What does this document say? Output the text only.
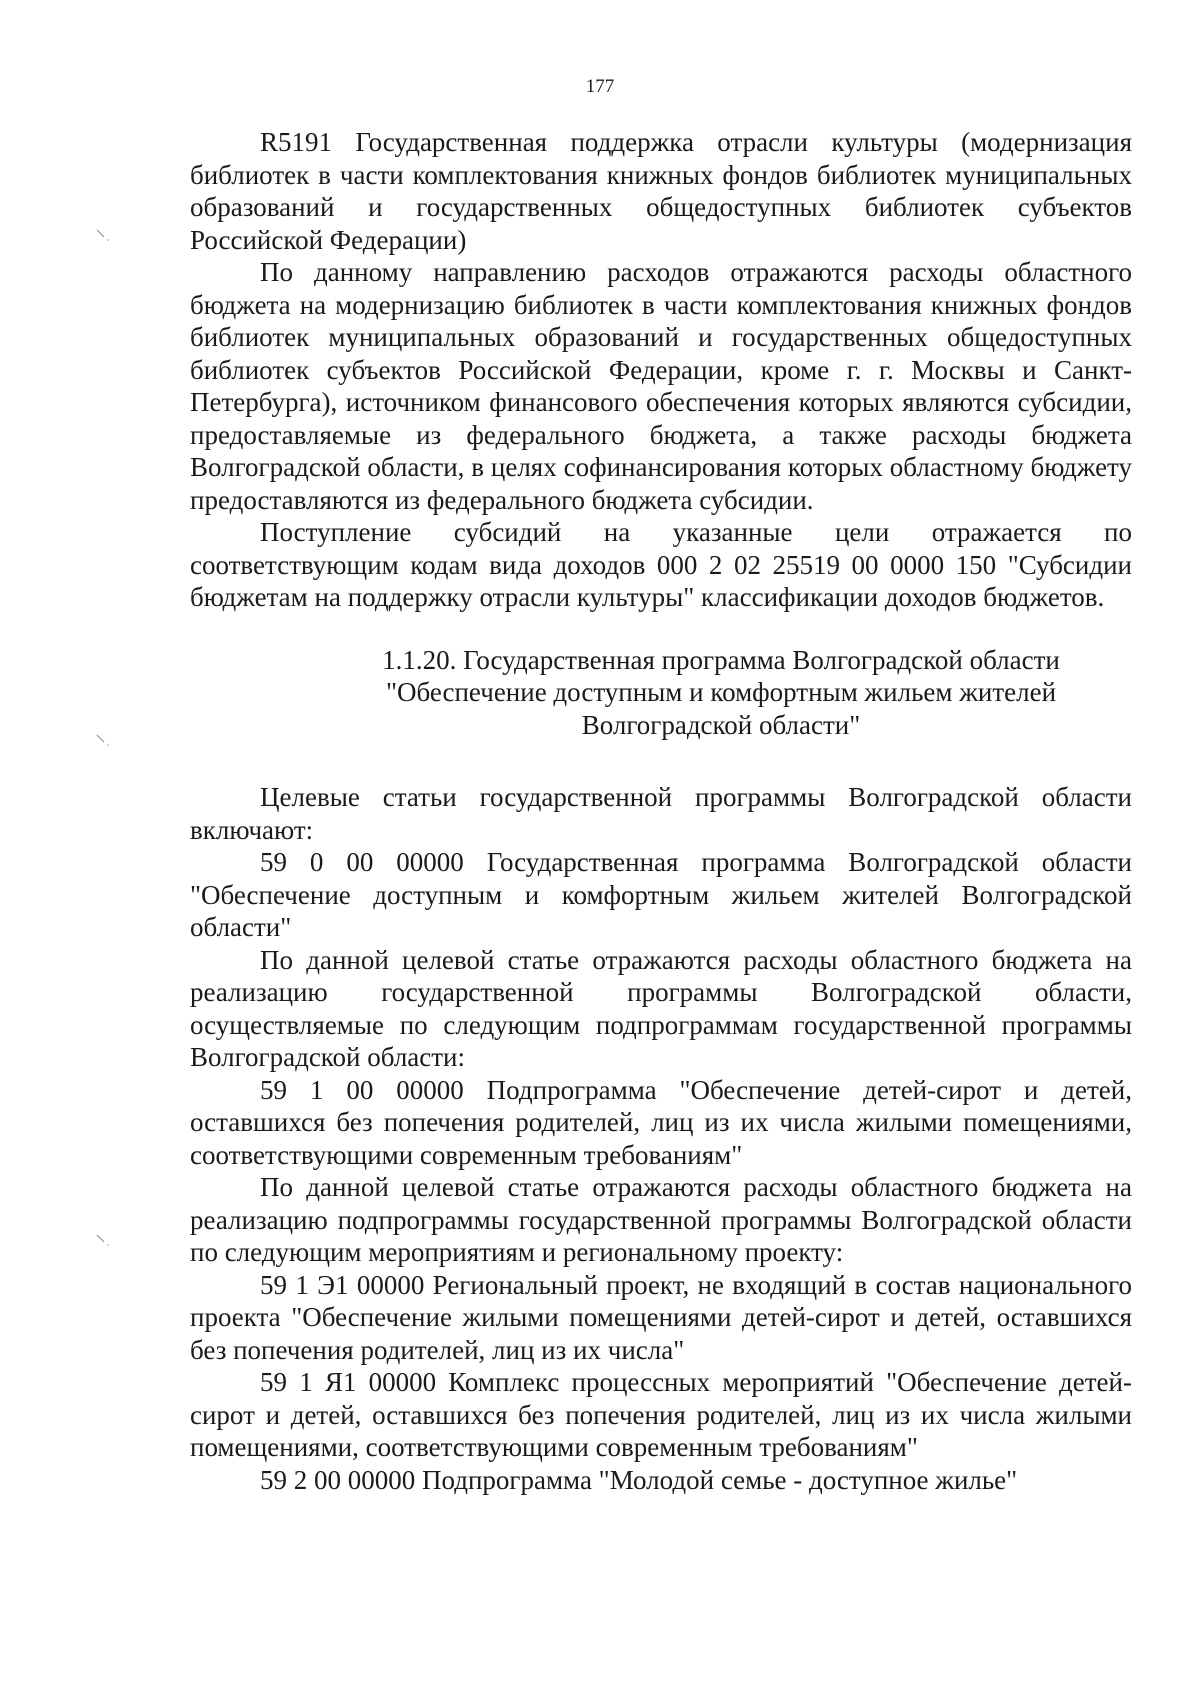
177

R5191 Государственная поддержка отрасли культуры (модернизация библиотек в части комплектования книжных фондов библиотек муниципальных образований и государственных общедоступных библиотек субъектов Российской Федерации)

По данному направлению расходов отражаются расходы областного бюджета на модернизацию библиотек в части комплектования книжных фондов библиотек муниципальных образований и государственных общедоступных библиотек субъектов Российской Федерации, кроме г. г. Москвы и Санкт-Петербурга), источником финансового обеспечения которых являются субсидии, предоставляемые из федерального бюджета, а также расходы бюджета Волгоградской области, в целях софинансирования которых областному бюджету предоставляются из федерального бюджета субсидии.

Поступление субсидий на указанные цели отражается по соответствующим кодам вида доходов 000 2 02 25519 00 0000 150 "Субсидии бюджетам на поддержку отрасли культуры" классификации доходов бюджетов.

1.1.20. Государственная программа Волгоградской области
"Обеспечение доступным и комфортным жильем жителей
Волгоградской области"

Целевые статьи государственной программы Волгоградской области включают:

59 0 00 00000 Государственная программа Волгоградской области "Обеспечение доступным и комфортным жильем жителей Волгоградской области"

По данной целевой статье отражаются расходы областного бюджета на реализацию государственной программы Волгоградской области, осуществляемые по следующим подпрограммам государственной программы Волгоградской области:

59 1 00 00000 Подпрограмма "Обеспечение детей-сирот и детей, оставшихся без попечения родителей, лиц из их числа жилыми помещениями, соответствующими современным требованиям"

По данной целевой статье отражаются расходы областного бюджета на реализацию подпрограммы государственной программы Волгоградской области по следующим мероприятиям и региональному проекту:

59 1 Э1 00000 Региональный проект, не входящий в состав национального проекта "Обеспечение жилыми помещениями детей-сирот и детей, оставшихся без попечения родителей, лиц из их числа"

59 1 Я1 00000 Комплекс процессных мероприятий "Обеспечение детей-сирот и детей, оставшихся без попечения родителей, лиц из их числа жилыми помещениями, соответствующими современным требованиям"

59 2 00 00000 Подпрограмма "Молодой семье - доступное жилье"
